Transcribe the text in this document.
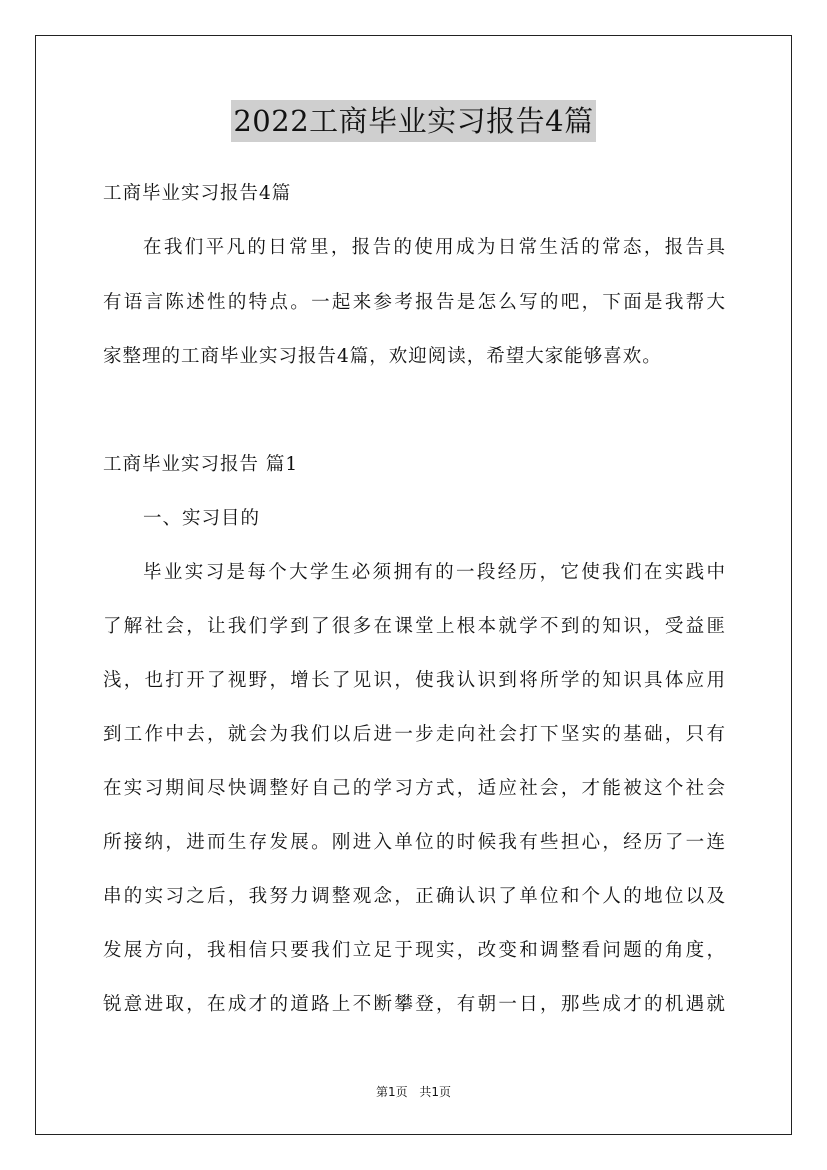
2022工商毕业实习报告4篇
工商毕业实习报告4篇
在我们平凡的日常里，报告的使用成为日常生活的常态，报告具
有语言陈述性的特点。一起来参考报告是怎么写的吧，下面是我帮大
家整理的工商毕业实习报告4篇，欢迎阅读，希望大家能够喜欢。
工商毕业实习报告 篇1
一、实习目的
毕业实习是每个大学生必须拥有的一段经历，它使我们在实践中
了解社会，让我们学到了很多在课堂上根本就学不到的知识，受益匪
浅，也打开了视野，增长了见识，使我认识到将所学的知识具体应用
到工作中去，就会为我们以后进一步走向社会打下坚实的基础，只有
在实习期间尽快调整好自己的学习方式，适应社会，才能被这个社会
所接纳，进而生存发展。刚进入单位的时候我有些担心，经历了一连
串的实习之后，我努力调整观念，正确认识了单位和个人的地位以及
发展方向，我相信只要我们立足于现实，改变和调整看问题的角度，
锐意进取，在成才的道路上不断攀登，有朝一日，那些成才的机遇就
第1页 共1页
